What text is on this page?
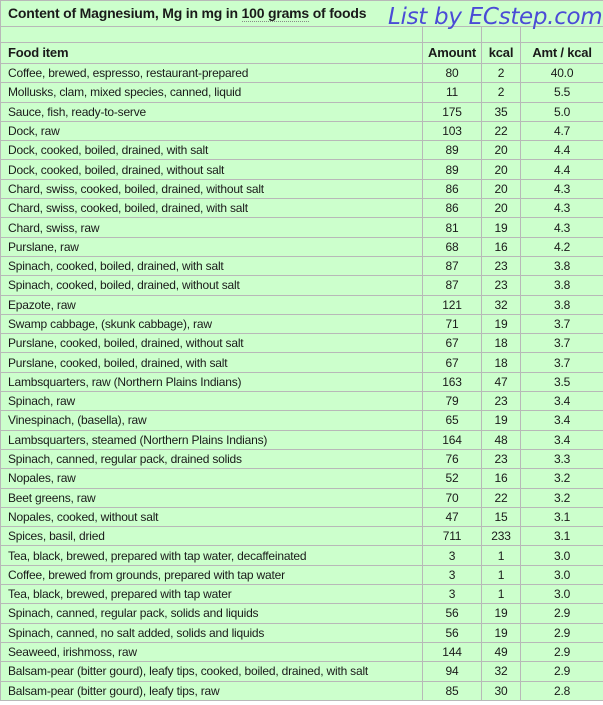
List by ECstep.com
Content of Magnesium, Mg in mg in 100 grams of foods			

Food item	Amount	kcal	Amt / kcal
Coffee, brewed, espresso, restaurant-prepared	80	2	40.0
Mollusks, clam, mixed species, canned, liquid	11	2	5.5
Sauce, fish, ready-to-serve	175	35	5.0
Dock, raw	103	22	4.7
Dock, cooked, boiled, drained, with salt	89	20	4.4
Dock, cooked, boiled, drained, without salt	89	20	4.4
Chard, swiss, cooked, boiled, drained, without salt	86	20	4.3
Chard, swiss, cooked, boiled, drained, with salt	86	20	4.3
Chard, swiss, raw	81	19	4.3
Purslane, raw	68	16	4.2
Spinach, cooked, boiled, drained, with salt	87	23	3.8
Spinach, cooked, boiled, drained, without salt	87	23	3.8
Epazote, raw	121	32	3.8
Swamp cabbage, (skunk cabbage), raw	71	19	3.7
Purslane, cooked, boiled, drained, without salt	67	18	3.7
Purslane, cooked, boiled, drained, with salt	67	18	3.7
Lambsquarters, raw (Northern Plains Indians)	163	47	3.5
Spinach, raw	79	23	3.4
Vinespinach, (basella), raw	65	19	3.4
Lambsquarters, steamed (Northern Plains Indians)	164	48	3.4
Spinach, canned, regular pack, drained solids	76	23	3.3
Nopales, raw	52	16	3.2
Beet greens, raw	70	22	3.2
Nopales, cooked, without salt	47	15	3.1
Spices, basil, dried	711	233	3.1
Tea, black, brewed, prepared with tap water, decaffeinated	3	1	3.0
Coffee, brewed from grounds, prepared with tap water	3	1	3.0
Tea, black, brewed, prepared with tap water	3	1	3.0
Spinach, canned, regular pack, solids and liquids	56	19	2.9
Spinach, canned, no salt added, solids and liquids	56	19	2.9
Seaweed, irishmoss, raw	144	49	2.9
Balsam-pear (bitter gourd), leafy tips, cooked, boiled, drained, with salt	94	32	2.9
Balsam-pear (bitter gourd), leafy tips, raw	85	30	2.8
